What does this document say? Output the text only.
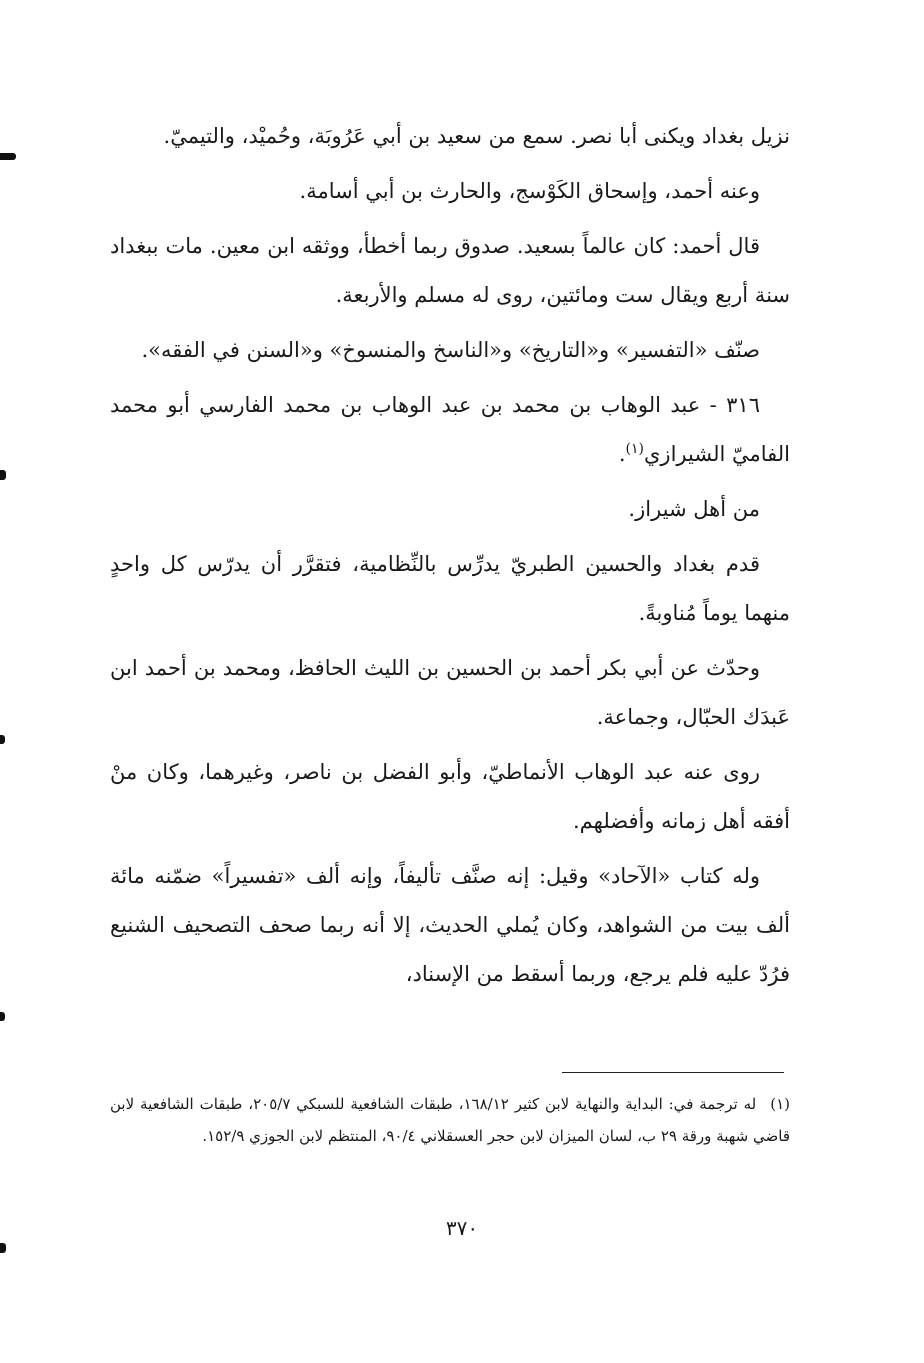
نزيل بغداد ويكنى أبا نصر. سمع من سعيد بن أبي عَرُوبَة، وحُميْد، والتيميّ.

وعنه أحمد، وإسحاق الكَوْسج، والحارث بن أبي أسامة.

قال أحمد: كان عالماً بسعيد. صدوق ربما أخطأ، ووثقه ابن معين. مات ببغداد سنة أربع ويقال ست ومائتين، روى له مسلم والأربعة.

صنّف «التفسير» و«التاريخ» و«الناسخ والمنسوخ» و«السنن في الفقه».

٣١٦ - عبد الوهاب بن محمد بن عبد الوهاب بن محمد الفارسي أبو محمد الفاميّ الشيرازي$^{(١)}$.

من أهل شيراز.

قدم بغداد والحسين الطبريّ يدرِّس بالنِّظامية، فتقرَّر أن يدرّس كل واحدٍ منهما يوماً مُناوبةً.

وحدّث عن أبي بكر أحمد بن الحسين بن الليث الحافظ، ومحمد بن أحمد ابن عَبدَك الحبّال، وجماعة.

روى عنه عبد الوهاب الأنماطيّ، وأبو الفضل بن ناصر، وغيرهما، وكان منْ أفقه أهل زمانه وأفضلهم.

وله كتاب «الآحاد» وقيل: إنه صنَّف تأليفاً، وإنه ألف «تفسيراً» ضمّنه مائة ألف بيت من الشواهد، وكان يُملي الحديث، إلا أنه ربما صحف التصحيف الشنيع فرُدّ عليه فلم يرجع، وربما أسقط من الإسناد،

(١)له ترجمة في: البداية والنهاية لابن كثير ١٦٨/١٢، طبقات الشافعية للسبكي ٢٠٥/٧، طبقات الشافعية لابن قاضي شهبة ورقة ٢٩ ب، لسان الميزان لابن حجر العسقلاني ٩٠/٤، المنتظم لابن الجوزي ١٥٢/٩.
٣٧٠
